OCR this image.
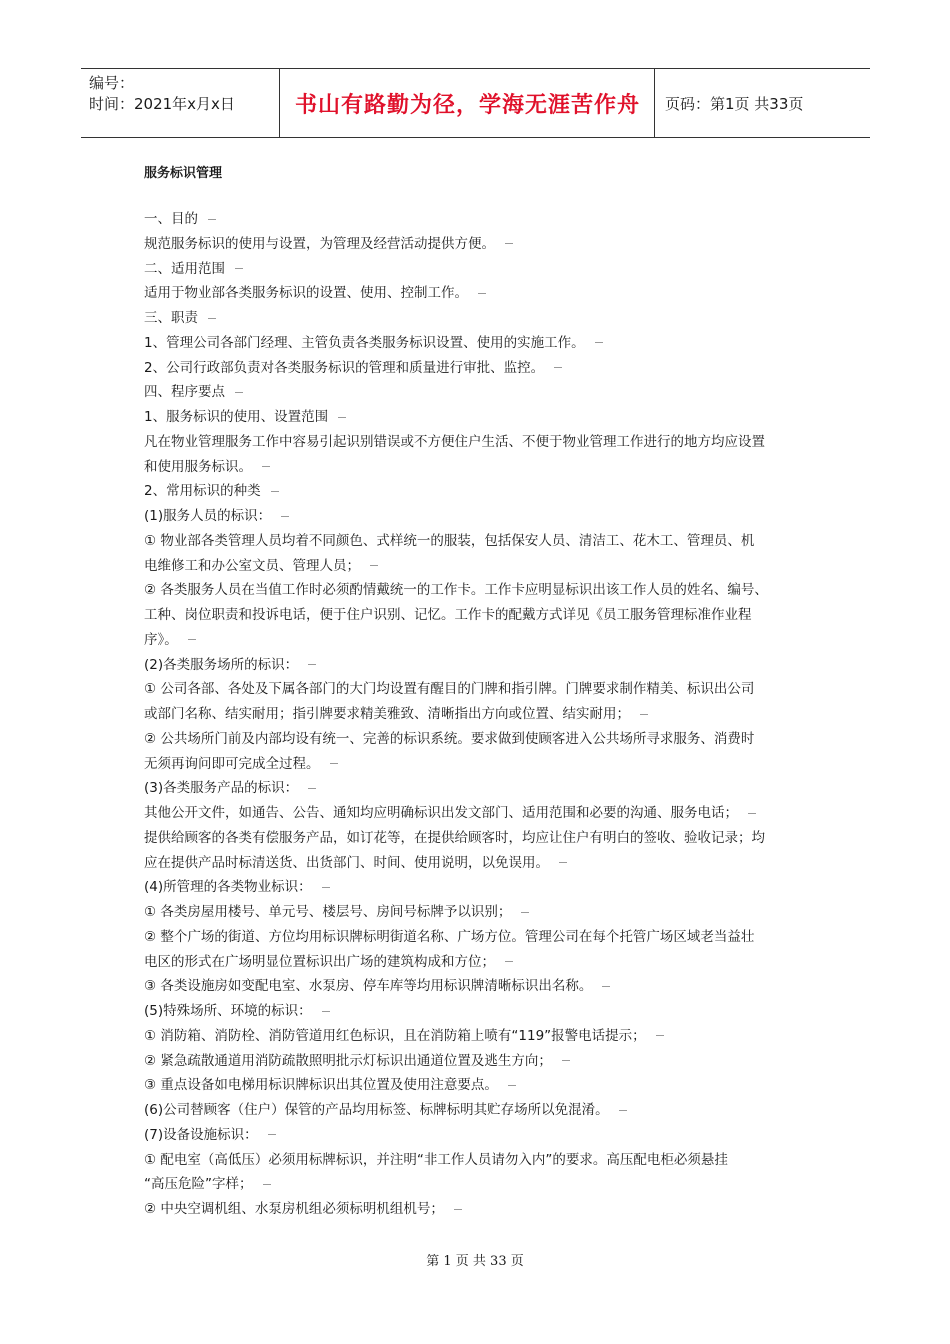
编号：
时间：2021年x月x日	书山有路勤为径，学海无涯苦作舟	页码：第1页 共33页
服务标识管理
一、目的
规范服务标识的使用与设置，为管理及经营活动提供方便。
二、适用范围
适用于物业部各类服务标识的设置、使用、控制工作。
三、职责
1、管理公司各部门经理、主管负责各类服务标识设置、使用的实施工作。
2、公司行政部负责对各类服务标识的管理和质量进行审批、监控。
四、程序要点
1、服务标识的使用、设置范围
凡在物业管理服务工作中容易引起识别错误或不方便住户生活、不便于物业管理工作进行的地方均应设置
和使用服务标识。
2、常用标识的种类
(1)服务人员的标识：
① 物业部各类管理人员均着不同颜色、式样统一的服装，包括保安人员、清洁工、花木工、管理员、机
电维修工和办公室文员、管理人员；
② 各类服务人员在当值工作时必须酌情戴统一的工作卡。工作卡应明显标识出该工作人员的姓名、编号、
工种、岗位职责和投诉电话，便于住户识别、记忆。工作卡的配戴方式详见《员工服务管理标准作业程
序》。
(2)各类服务场所的标识：
① 公司各部、各处及下属各部门的大门均设置有醒目的门牌和指引牌。门牌要求制作精美、标识出公司
或部门名称、结实耐用；指引牌要求精美雅致、清晰指出方向或位置、结实耐用；
② 公共场所门前及内部均设有统一、完善的标识系统。要求做到使顾客进入公共场所寻求服务、消费时
无须再询问即可完成全过程。
(3)各类服务产品的标识：
其他公开文件，如通告、公告、通知均应明确标识出发文部门、适用范围和必要的沟通、服务电话；
提供给顾客的各类有偿服务产品，如订花等，在提供给顾客时，均应让住户有明白的签收、验收记录；均
应在提供产品时标清送货、出货部门、时间、使用说明，以免误用。
(4)所管理的各类物业标识：
① 各类房屋用楼号、单元号、楼层号、房间号标牌予以识别；
② 整个广场的街道、方位均用标识牌标明街道名称、广场方位。管理公司在每个托管广场区域老当益壮
电区的形式在广场明显位置标识出广场的建筑构成和方位；
③ 各类设施房如变配电室、水泵房、停车库等均用标识牌清晰标识出名称。
(5)特殊场所、环境的标识：
① 消防箱、消防栓、消防管道用红色标识，且在消防箱上喷有“119”报警电话提示；
② 紧急疏散通道用消防疏散照明批示灯标识出通道位置及逃生方向；
③ 重点设备如电梯用标识牌标识出其位置及使用注意要点。
(6)公司替顾客（住户）保管的产品均用标签、标牌标明其贮存场所以免混淆。
(7)设备设施标识：
① 配电室（高低压）必须用标牌标识，并注明“非工作人员请勿入内”的要求。高压配电柜必须悬挂
“高压危险”字样；
② 中央空调机组、水泵房机组必须标明机组机号；
第 1 页 共 33 页
